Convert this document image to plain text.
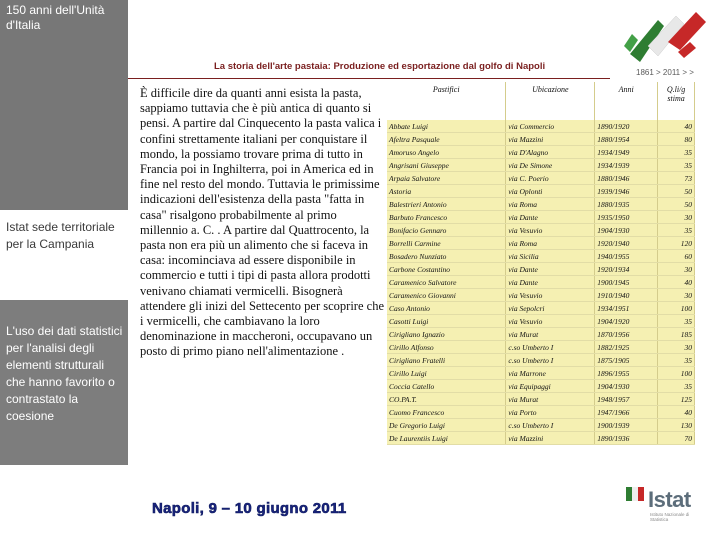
150 anni dell'Unità d'Italia
Istat sede territoriale per la Campania
L'uso dei dati statistici per l'analisi degli elementi strutturali che hanno favorito o contrastato la coesione
La storia dell'arte pastaia: Produzione ed esportazione dal golfo di Napoli
1861 > 2011 > >

È difficile dire da quanti anni esista la pasta, sappiamo tuttavia che è più antica di quanto si pensi. A partire dal Cinquecento la pasta valica i confini strettamente italiani per conquistare il mondo, la possiamo trovare prima di tutto in Francia poi in Inghilterra, poi in America ed in fine nel resto del mondo. Tuttavia le primissime indicazioni dell'esistenza della pasta "fatta in casa" risalgono probabilmente al primo millennio a. C. . A partire dal Quattrocento, la pasta non era più un alimento che si faceva in casa: incominciava ad essere disponibile in commercio e tutti i tipi di pasta allora prodotti venivano chiamati vermicelli. Bisognerà attendere gli inizi del Settecento per scoprire che i vermicelli, che cambiavano la loro denominazione in maccheroni, occupavano un posto di primo piano nell'alimentazione .

Pastifici	Ubicazione	Anni	Q.li/g stima
Abbate Luigi	via Commercio	1890/1920	40
Afeltra Pasquale	via Mazzini	1880/1954	80
Amoruso Angelo	via D'Alagno	1934/1949	35
Angrisani Giuseppe	via De Simone	1934/1939	35
Arpaia Salvatore	via C. Poerio	1880/1946	73
Astoria	via Oplonti	1939/1946	50
Balestrieri Antonio	via Roma	1880/1935	50
Barbuto Francesco	via Dante	1935/1950	30
Bonifacio Gennaro	via Vesuvio	1904/1930	35
Borrelli Carmine	via Roma	1920/1940	120
Bosadero Nunziato	via Sicilia	1940/1955	60
Carbone Costantino	via Dante	1920/1934	30
Caramenico Salvatore	via Dante	1900/1945	40
Caramenico Giovanni	via Vesuvio	1910/1940	30
Caso Antonio	via Sepolcri	1934/1951	100
Casotti Luigi	via Vesuvio	1904/1920	35
Cirigliano Ignazio	via Murat	1870/1956	185
Cirillo Alfonso	c.so Umberto I	1882/1925	30
Cirigliano Fratelli	c.so Umberto I	1875/1905	35
Cirillo Luigi	via Marrone	1896/1955	100
Coccia Catello	via Equipaggi	1904/1930	35
CO.PA.T.	via Murat	1948/1957	125
Cuomo Francesco	via Porto	1947/1966	40
De Gregorio Luigi	c.so Umberto I	1900/1939	130
De Laurentiis Luigi	via Mazzini	1890/1936	70
Napoli, 9 – 10 giugno 2011	Istat
Istituto Nazionale di Statistica
